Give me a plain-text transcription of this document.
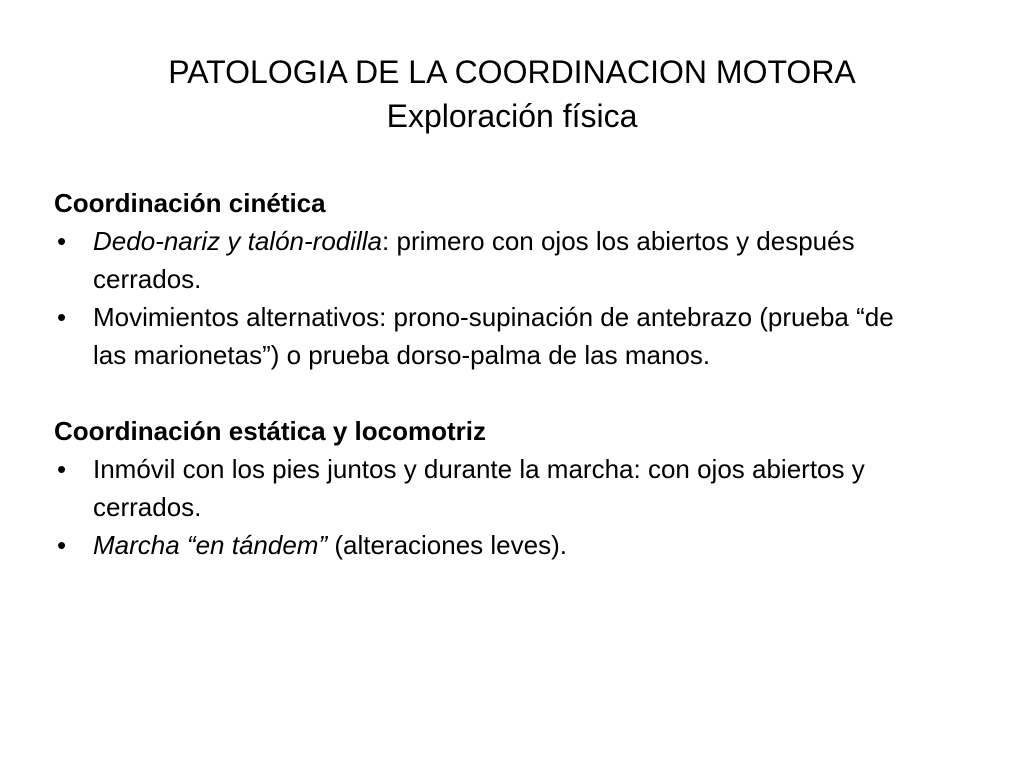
PATOLOGIA DE LA COORDINACION MOTORA
Exploración física
Coordinación cinética
• Dedo-nariz y talón-rodilla: primero con ojos los abiertos y después cerrados.
• Movimientos alternativos: prono-supinación de antebrazo (prueba “de las marionetas”) o prueba dorso-palma de las manos.
Coordinación estática y locomotriz
• Inmóvil con los pies juntos y durante la marcha: con ojos abiertos y cerrados.
• Marcha “en tándem” (alteraciones leves).
